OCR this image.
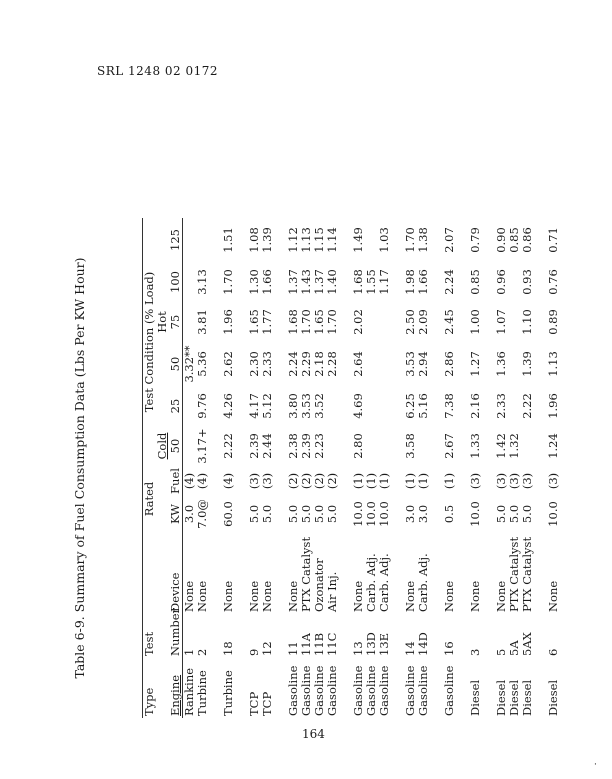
SRL 1248 02 0172
Table 6-9. Summary of Fuel Consumption Data (Lbs Per KW Hour)
Type	Test		Rated		Test Condition (% Load)					
					Cold	Hot				
Engine	Number	Device	KW	Fuel	50	25	50	75	100	125
Rankine	1	None	3.0	(4)			3.32**			
Turbine	2	None	7.0@	(4)	3.17+	9.76	5.36	3.81	3.13	

Turbine	18	None	60.0	(4)	2.22	4.26	2.62	1.96	1.70	1.51

TCP	9	None	5.0	(3)	2.39	4.17	2.30	1.65	1.30	1.08
TCP	12	None	5.0	(3)	2.44	5.12	2.33	1.77	1.66	1.39

Gasoline	11	None	5.0	(2)	2.38	3.80	2.24	1.68	1.37	1.12
Gasoline	11A	PTX Catalyst	5.0	(2)	2.39	3.53	2.29	1.70	1.43	1.13
Gasoline	11B	Ozonator	5.0	(2)	2.23	3.52	2.18	1.65	1.37	1.15
Gasoline	11C	Air Inj.	5.0	(2)			2.28	1.70	1.40	1.14

Gasoline	13	None	10.0	(1)	2.80	4.69	2.64	2.02	1.68	1.49
Gasoline	13D	Carb. Adj.	10.0	(1)					1.55	
Gasoline	13E	Carb. Adj.	10.0	(1)					1.17	1.03

Gasoline	14	None	3.0	(1)	3.58	6.25	3.53	2.50	1.98	1.70
Gasoline	14D	Carb. Adj.	3.0	(1)		5.16	2.94	2.09	1.66	1.38

Gasoline	16	None	0.5	(1)	2.67	7.38	2.86	2.45	2.24	2.07

Diesel	3	None	10.0	(3)	1.33	2.16	1.27	1.00	0.85	0.79

Diesel	5	None	5.0	(3)	1.42	2.33	1.36	1.07	0.96	0.90
Diesel	5A	PTX Catalyst	5.0	(3)	1.32					0.85
Diesel	5AX	PTX Catalyst	5.0	(3)		2.22	1.39	1.10	0.93	0.86

Diesel	6	None	10.0	(3)	1.24	1.96	1.13	0.89	0.76	0.71
164
·
